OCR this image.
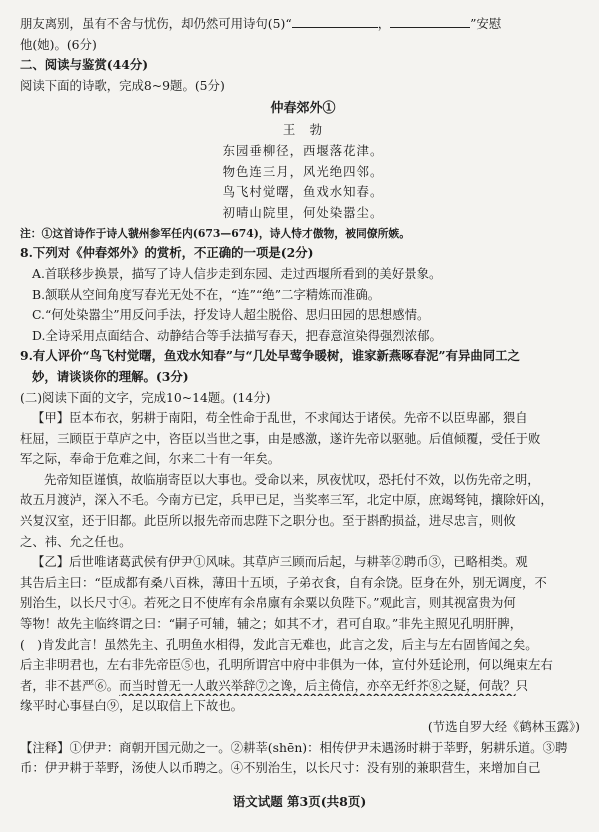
朋友离别，虽有不舍与忧伤，却仍然可用诗句(5)“	，	”安慰
他(她)。(6分)
二、阅读与鉴赏(44分)
阅读下面的诗歌，完成8~9题。(5分)
仲春郊外①
王　勃
东园垂柳径，西堰落花津。
物色连三月，风光绝四邻。
鸟飞村觉曙，鱼戏水知春。
初晴山院里，何处染嚣尘。
注：①这首诗作于诗人虢州参军任内(673—674)，诗人恃才傲物，被同僚所嫉。
8.下列对《仲春郊外》的赏析，不正确的一项是(2分)
A.首联移步换景，描写了诗人信步走到东园、走过西堰所看到的美好景象。
B.颔联从空间角度写春光无处不在，“连”“绝”二字精炼而准确。
C.“何处染嚣尘”用反问手法，抒发诗人超尘脱俗、思归田园的思想感情。
D.全诗采用点面结合、动静结合等手法描写春天，把春意渲染得强烈浓郁。
9.有人评价“鸟飞村觉曙，鱼戏水知春”与“几处早莺争暖树，谁家新燕啄春泥”有异曲同工之
妙，请谈谈你的理解。(3分)
(二)阅读下面的文字，完成10~14题。(14分)
【甲】臣本布衣，躬耕于南阳，苟全性命于乱世，不求闻达于诸侯。先帝不以臣卑鄙，猥自
枉屈，三顾臣于草庐之中，咨臣以当世之事，由是感激，遂许先帝以驱驰。后值倾覆，受任于败
军之际，奉命于危难之间，尔来二十有一年矣。
先帝知臣谨慎，故临崩寄臣以大事也。受命以来，夙夜忧叹，恐托付不效，以伤先帝之明，
故五月渡泸，深入不毛。今南方已定，兵甲已足，当奖率三军，北定中原，庶竭驽钝，攘除奸凶，
兴复汉室，还于旧都。此臣所以报先帝而忠陛下之职分也。至于斟酌损益，进尽忠言，则攸
之、祎、允之任也。
【乙】后世唯诸葛武侯有伊尹①风味。其草庐三顾而后起，与耕莘②聘币③，已略相类。观
其告后主曰：“臣成都有桑八百株，薄田十五顷，子弟衣食，自有余饶。臣身在外，别无调度，不
别治生，以长尺寸④。若死之日不使库有余帛廪有余粟以负陛下。”观此言，则其视富贵为何
等物！故先主临终谓之曰：“嗣子可辅，辅之；如其不才，君可自取。”非先主照见孔明肝脾，
(　)肯发此言！虽然先主、孔明鱼水相得，发此言无难也，此言之发，后主与左右固皆闻之矣。
后主非明君也，左右非先帝臣⑤也，孔明所谓宫中府中非俱为一体，宣付外廷论刑，何以绳束左右
者，非不甚严⑥。而当时曾无一人敢兴举辞⑦之谗，后主倚信，亦卒无纤芥⑧之疑，何哉？只
缘平时心事昼白⑨，足以取信上下故也。
(节选自罗大经《鹤林玉露》)
【注释】①伊尹：商朝开国元勋之一。②耕莘(shēn)：相传伊尹未遇汤时耕于莘野，躬耕乐道。③聘
币：伊尹耕于莘野，汤使人以币聘之。④不别治生，以长尺寸：没有别的兼职营生，来增加自己
语文试题 第3页(共8页)
